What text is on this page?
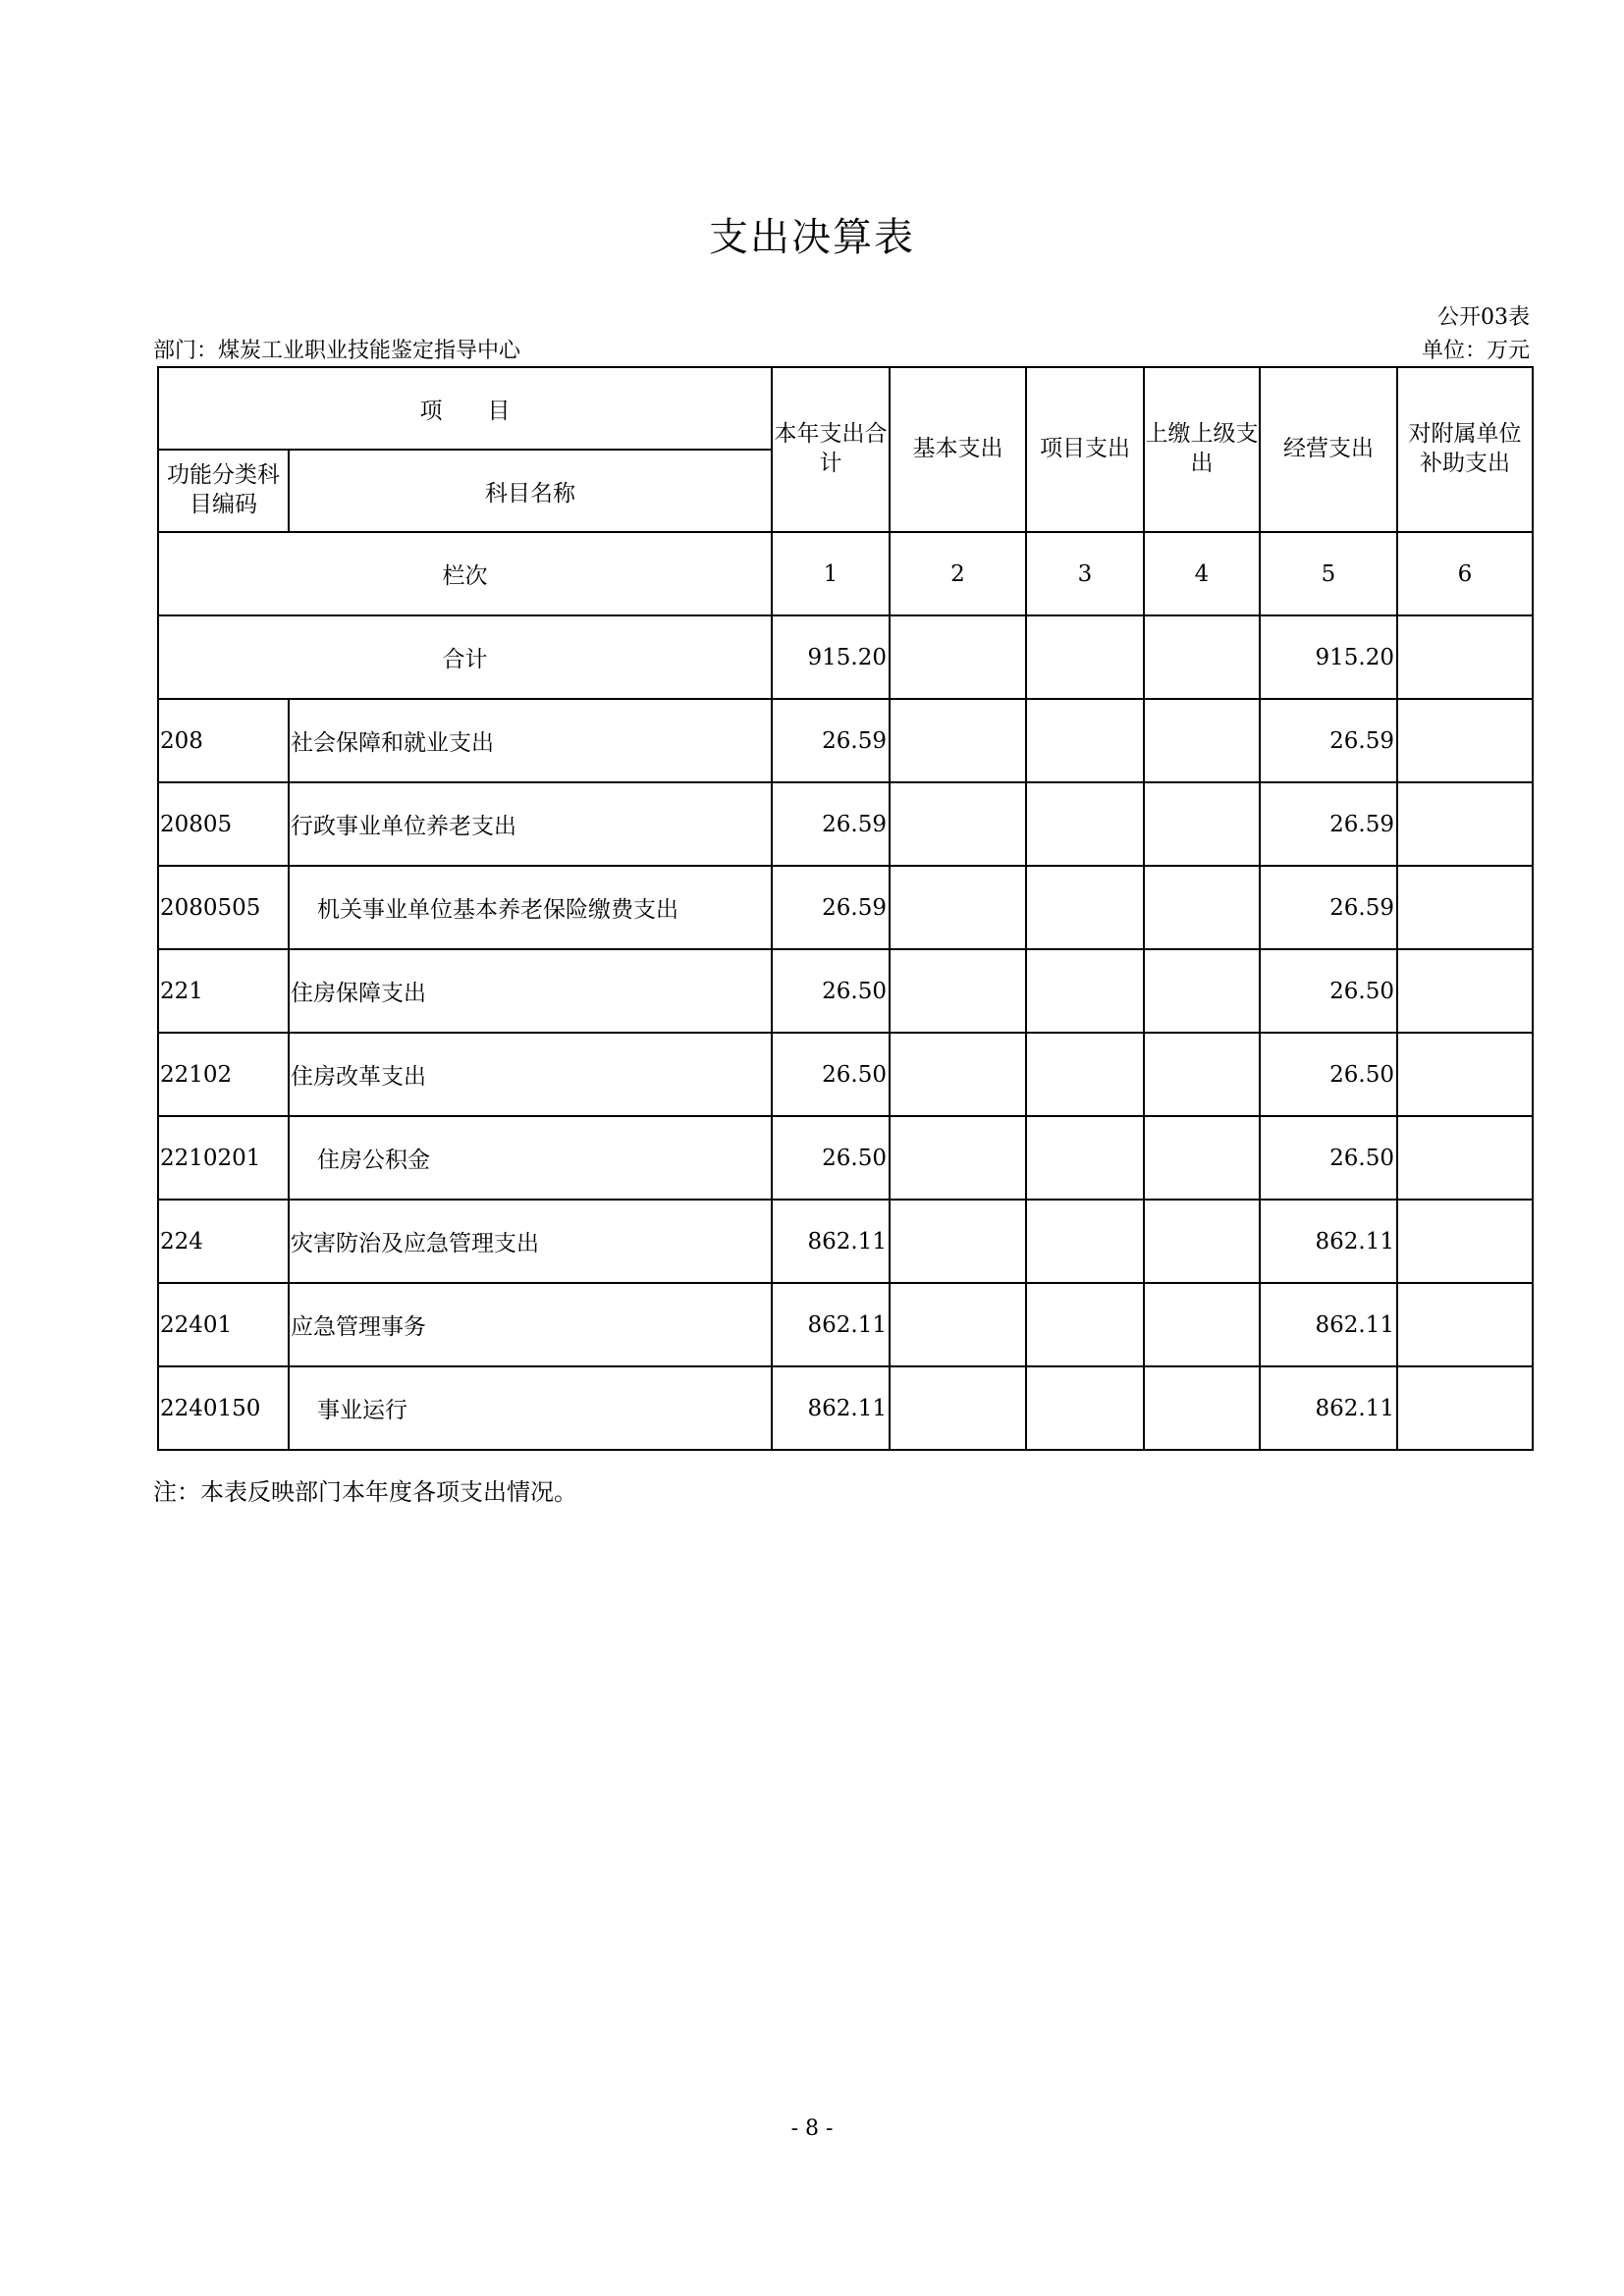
支出决算表
公开03表
部门：煤炭工业职业技能鉴定指导中心	单位：万元
项　　目		本年支出合计	基本支出	项目支出	上缴上级支出	经营支出	对附属单位补助支出
功能分类科目编码	科目名称						
栏次		1	2	3	4	5	6
合计		915.20				915.20	
208	社会保障和就业支出	26.59				26.59	
20805	行政事业单位养老支出	26.59				26.59	
2080505	机关事业单位基本养老保险缴费支出	26.59				26.59	
221	住房保障支出	26.50				26.50	
22102	住房改革支出	26.50				26.50	
2210201	住房公积金	26.50				26.50	
224	灾害防治及应急管理支出	862.11				862.11	
22401	应急管理事务	862.11				862.11	
2240150	事业运行	862.11				862.11	
注：本表反映部门本年度各项支出情况。
- 8 -
